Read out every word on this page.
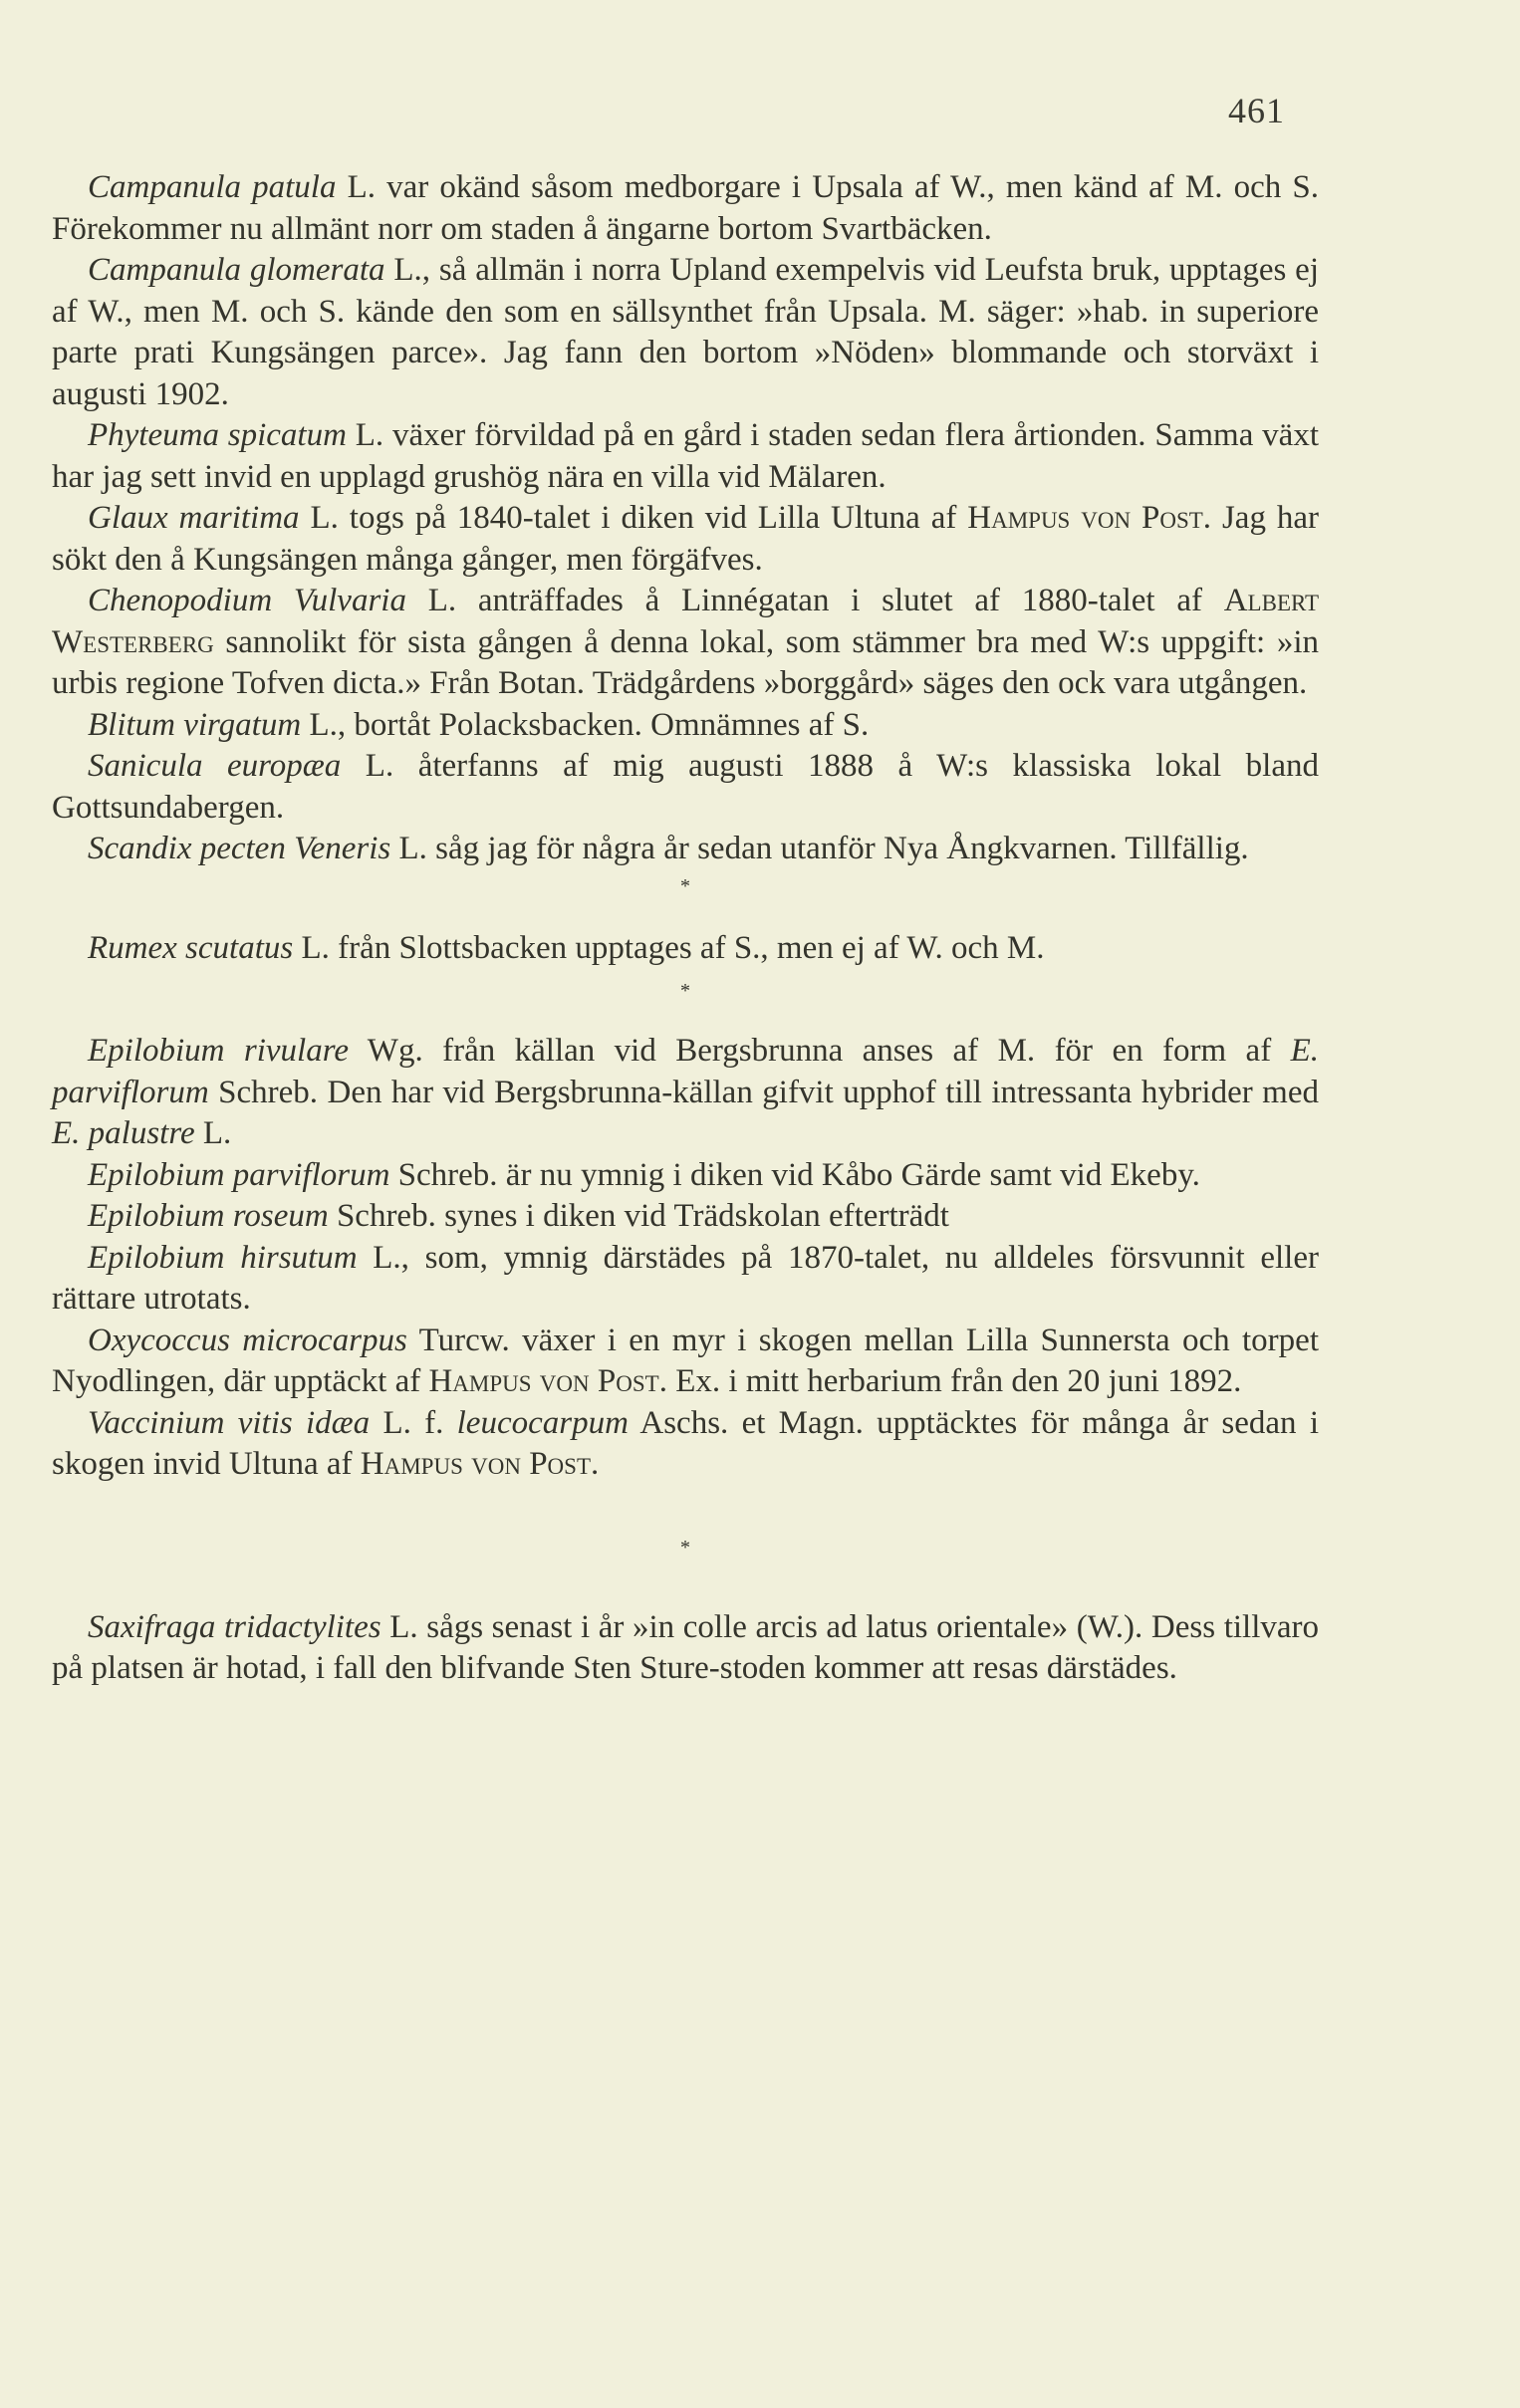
461

Campanula patula L. var okänd såsom medborgare i Upsala af W., men känd af M. och S. Förekommer nu allmänt norr om staden å ängarne bortom Svartbäcken.

Campanula glomerata L., så allmän i norra Upland exempelvis vid Leufsta bruk, upptages ej af W., men M. och S. kände den som en sällsynthet från Upsala. M. säger: »hab. in superiore parte prati Kungsängen parce». Jag fann den bortom »Nöden» blommande och storväxt i augusti 1902.

Phyteuma spicatum L. växer förvildad på en gård i staden sedan flera årtionden. Samma växt har jag sett invid en upplagd grushög nära en villa vid Mälaren.

Glaux maritima L. togs på 1840-talet i diken vid Lilla Ultuna af Hampus von Post. Jag har sökt den å Kungsängen många gånger, men förgäfves.

Chenopodium Vulvaria L. anträffades å Linnégatan i slutet af 1880-talet af Albert Westerberg sannolikt för sista gången å denna lokal, som stämmer bra med W:s uppgift: »in urbis regione Tofven dicta.» Från Botan. Trädgårdens »borggård» säges den ock vara utgången.

Blitum virgatum L., bortåt Polacksbacken. Omnämnes af S.

Sanicula europæa L. återfanns af mig augusti 1888 å W:s klassiska lokal bland Gottsundabergen.

Scandix pecten Veneris L. såg jag för några år sedan utanför Nya Ångkvarnen. Tillfällig.

*

Rumex scutatus L. från Slottsbacken upptages af S., men ej af W. och M.

*

Epilobium rivulare Wg. från källan vid Bergsbrunna anses af M. för en form af E. parviflorum Schreb. Den har vid Bergsbrunna-källan gifvit upphof till intressanta hybrider med E. palustre L.

Epilobium parviflorum Schreb. är nu ymnig i diken vid Kåbo Gärde samt vid Ekeby.

Epilobium roseum Schreb. synes i diken vid Trädskolan efterträdt

Epilobium hirsutum L., som, ymnig därstädes på 1870-talet, nu alldeles försvunnit eller rättare utrotats.

Oxycoccus microcarpus Turcw. växer i en myr i skogen mellan Lilla Sunnersta och torpet Nyodlingen, där upptäckt af Hampus von Post. Ex. i mitt herbarium från den 20 juni 1892.

Vaccinium vitis idæa L. f. leucocarpum Aschs. et Magn. upptäcktes för många år sedan i skogen invid Ultuna af Hampus von Post.

*

Saxifraga tridactylites L. sågs senast i år »in colle arcis ad latus orientale» (W.). Dess tillvaro på platsen är hotad, i fall den blifvande Sten Sture-stoden kommer att resas därstädes.
